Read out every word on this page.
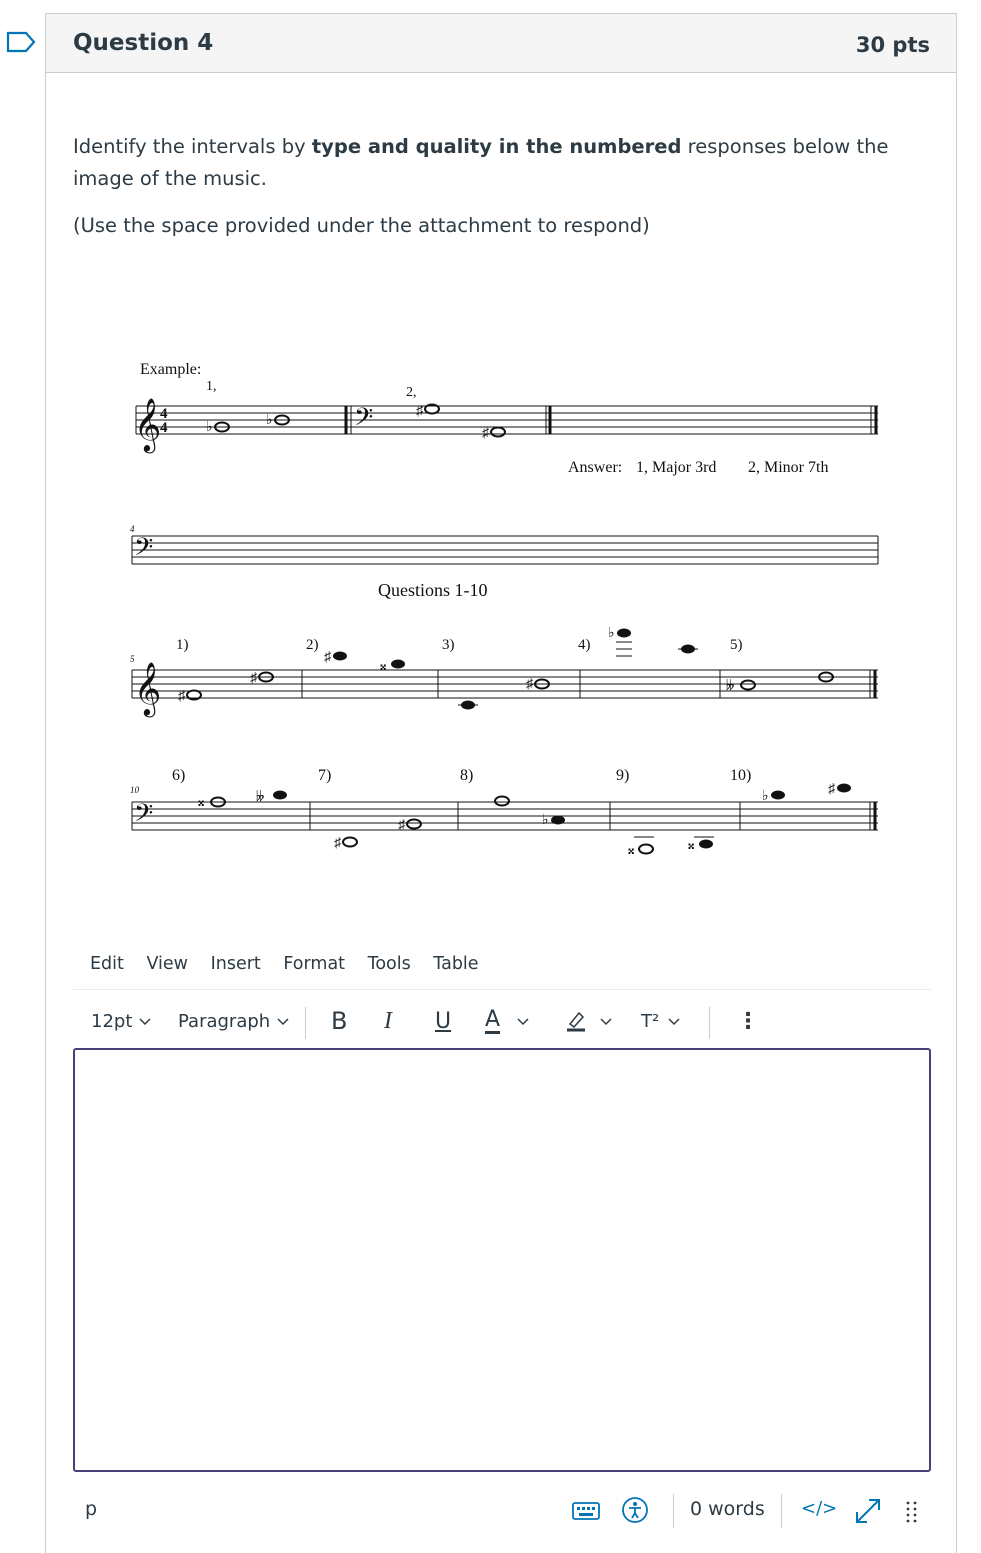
Question 4	30 pts
Identify the intervals by type and quality in the numbered responses below the image of the music.
(Use the space provided under the attachment to respond)
Example:
1,	2,
𝄞
4
4	♭	♭	𝄢	♯
♯
Answer: 1, Major 3rd 2, Minor 7th
4
𝄢
Questions 1-10
5
1)	2)	3)	4)	5)
𝄞 ♯
♯
♯
𝄪
♯
♭
𝄫
10
6)	7)	8)	9)	10)
𝄢	𝄪	𝄫
♯
♯	♭
𝄪	𝄪
♭	♯
Edit View Insert Format Tools Table
12pt	Paragraph	B I U A	T²	⋮
p	0 words </>
